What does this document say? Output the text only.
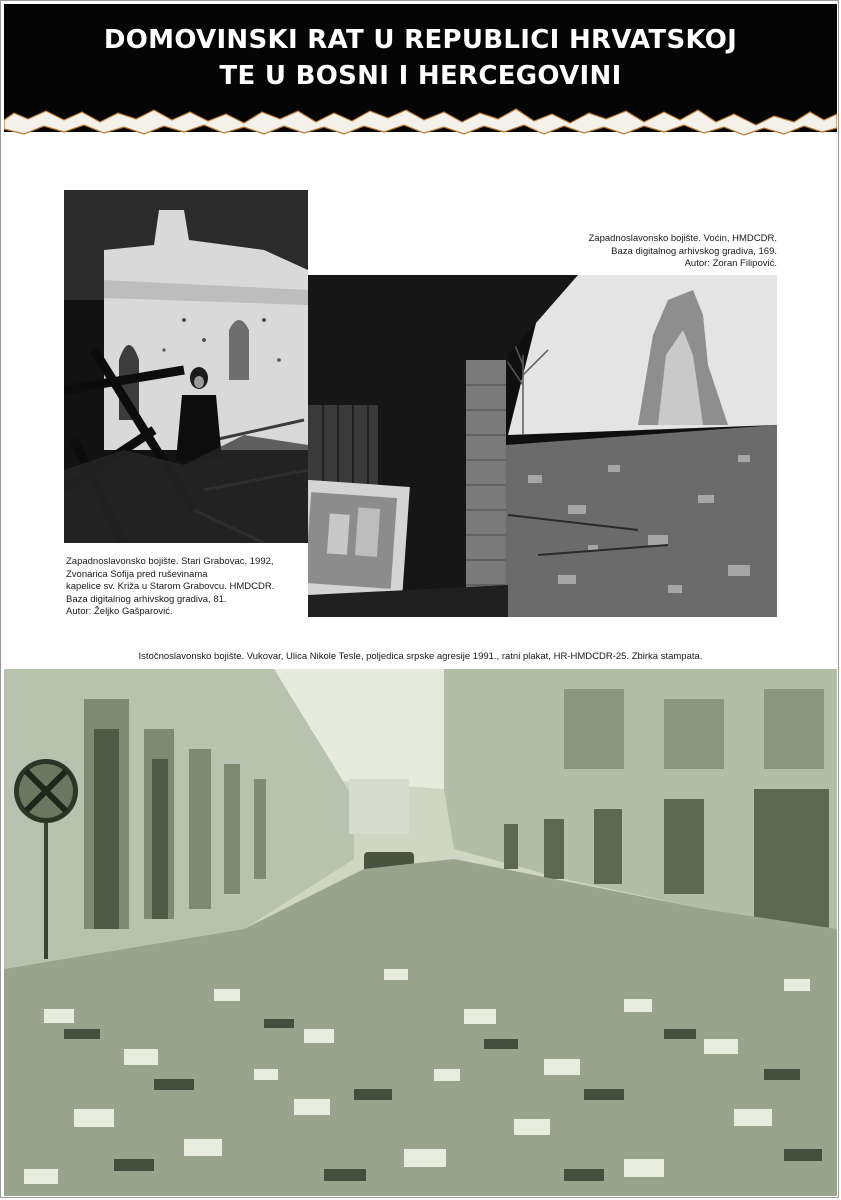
DOMOVINSKI RAT U REPUBLICI HRVATSKOJ
TE U BOSNI I HERCEGOVINI
Zapadnoslavonsko bojište. Voćin, HMDCDR.
Baza digitalnog arhivskog gradiva, 169.
Autor: Zoran Filipović.
Zapadnoslavonsko bojište. Stari Grabovac, 1992,
Zvonarica Sofija pred ruševinama
kapelice sv. Križa u Starom Grabovcu. HMDCDR.
Baza digitalnog arhivskog gradiva, 81.
Autor: Željko Gašparović.
Istočnoslavonsko bojište. Vukovar, Ulica Nikole Tesle, poljedica srpske agresije 1991., ratni plakat, HR-HMDCDR-25. Zbirka stampata.
